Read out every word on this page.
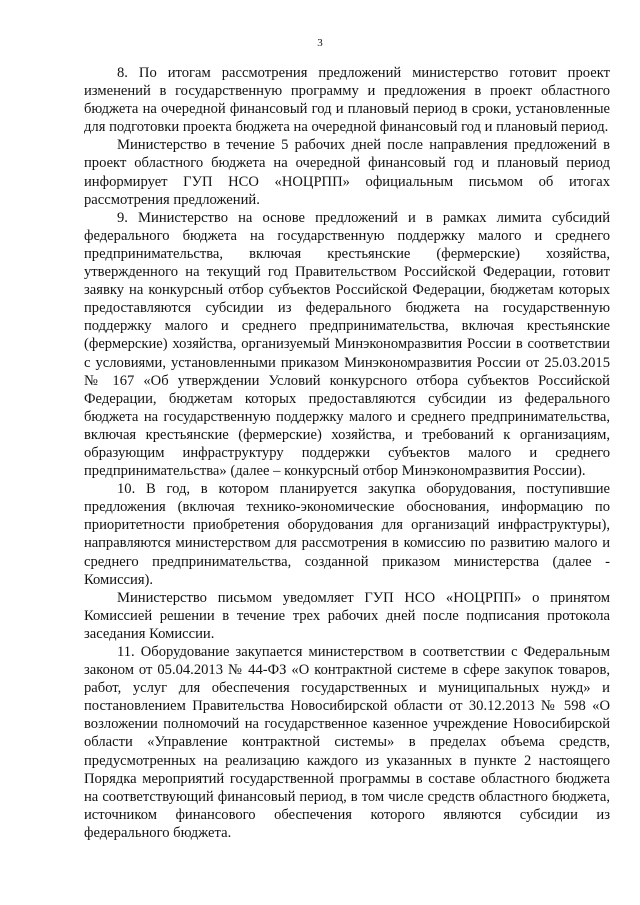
3

8. По итогам рассмотрения предложений министерство готовит проект изменений в государственную программу и предложения в проект областного бюджета на очередной финансовый год и плановый период в сроки, установленные для подготовки проекта бюджета на очередной финансовый год и плановый период.

Министерство в течение 5 рабочих дней после направления предложений в проект областного бюджета на очередной финансовый год и плановый период информирует ГУП НСО «НОЦРПП» официальным письмом об итогах рассмотрения предложений.

9. Министерство на основе предложений и в рамках лимита субсидий федерального бюджета на государственную поддержку малого и среднего предпринимательства, включая крестьянские (фермерские) хозяйства, утвержденного на текущий год Правительством Российской Федерации, готовит заявку на конкурсный отбор субъектов Российской Федерации, бюджетам которых предоставляются субсидии из федерального бюджета на государственную поддержку малого и среднего предпринимательства, включая крестьянские (фермерские) хозяйства, организуемый Минэкономразвития России в соответствии с условиями, установленными приказом Минэкономразвития России от 25.03.2015 № 167 «Об утверждении Условий конкурсного отбора субъектов Российской Федерации, бюджетам которых предоставляются субсидии из федерального бюджета на государственную поддержку малого и среднего предпринимательства, включая крестьянские (фермерские) хозяйства, и требований к организациям, образующим инфраструктуру поддержки субъектов малого и среднего предпринимательства» (далее – конкурсный отбор Минэкономразвития России).

10. В год, в котором планируется закупка оборудования, поступившие предложения (включая технико-экономические обоснования, информацию по приоритетности приобретения оборудования для организаций инфраструктуры), направляются министерством для рассмотрения в комиссию по развитию малого и среднего предпринимательства, созданной приказом министерства (далее - Комиссия).

Министерство письмом уведомляет ГУП НСО «НОЦРПП» о принятом Комиссией решении в течение трех рабочих дней после подписания протокола заседания Комиссии.

11. Оборудование закупается министерством в соответствии с Федеральным законом от 05.04.2013 № 44-ФЗ «О контрактной системе в сфере закупок товаров, работ, услуг для обеспечения государственных и муниципальных нужд» и постановлением Правительства Новосибирской области от 30.12.2013 № 598 «О возложении полномочий на государственное казенное учреждение Новосибирской области «Управление контрактной системы» в пределах объема средств, предусмотренных на реализацию каждого из указанных в пункте 2 настоящего Порядка мероприятий государственной программы в составе областного бюджета на соответствующий финансовый период, в том числе средств областного бюджета, источником финансового обеспечения которого являются субсидии из федерального бюджета.
